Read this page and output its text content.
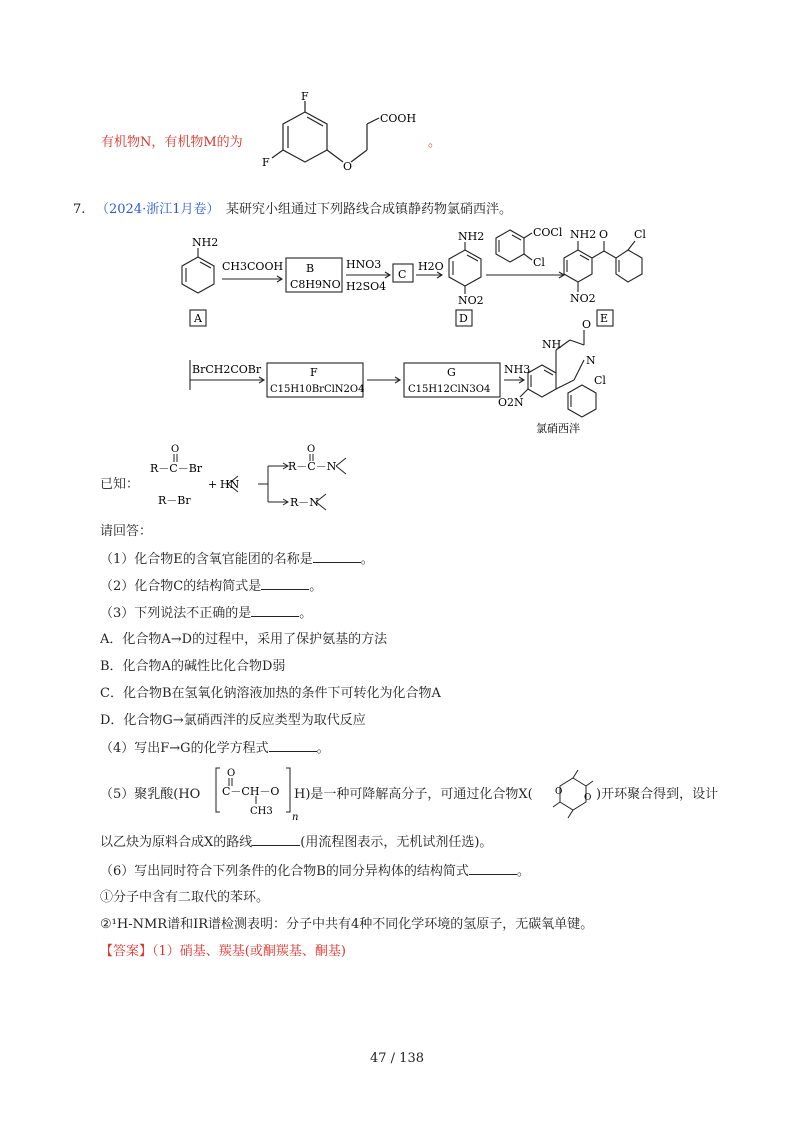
有机物N，有机物M的为
F
F	O
COOH
。
7. （2024·浙江1月卷） 某研究小组通过下列路线合成镇静药物氯硝西泮。
NH2
CH3COOH B
C8H9NO
HNO3
H2SO4
C
H2O
NH2
NO2
COCl
Cl
NH2 O Cl
NO2
A	D	E
BrCH2COBr	F
C15H10BrClN2O4
G
C15H12ClN3O4
NH3
NH
O
N
Cl
O2N
氯硝西泮
已知：
O
R－C－Br
R－Br
+ HN
O
R－C－N
R－N
请回答：
（1）化合物E的含氧官能团的名称是	。
（2）化合物C的结构简式是	。
（3）下列说法不正确的是	。
A．化合物A→D的过程中，采用了保护氨基的方法
B．化合物A的碱性比化合物D弱
C．化合物B在氢氧化钠溶液加热的条件下可转化为化合物A
D．化合物G→氯硝西泮的反应类型为取代反应
（4）写出F→G的化学方程式	。
（5）聚乳酸(HO
O
C－CH－O
CH3
n
H)是一种可降解高分子，可通过化合物X( O
O )开环聚合得到，设计
以乙炔为原料合成X的路线	(用流程图表示，无机试剂任选)。
（6）写出同时符合下列条件的化合物B的同分异构体的结构简式	。
①分子中含有二取代的苯环。
②¹H-NMR谱和IR谱检测表明：分子中共有4种不同化学环境的氢原子，无碳氧单键。
【答案】（1）硝基、羰基(或酮羰基、酮基)
47 / 138
